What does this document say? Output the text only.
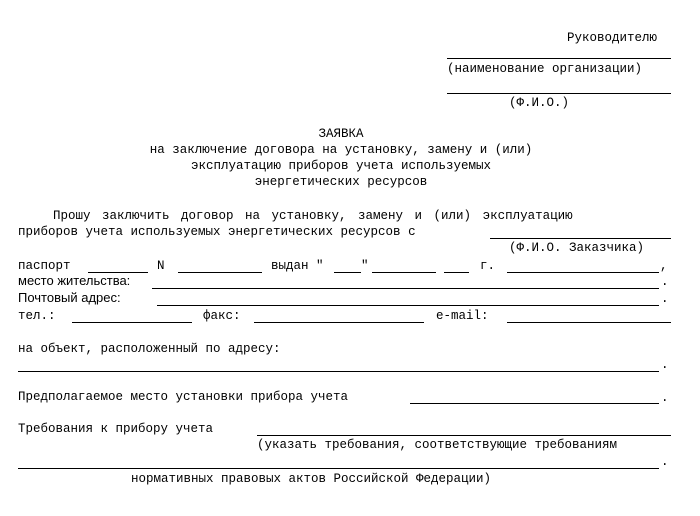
Руководителю
(наименование организации)
(Ф.И.О.)
ЗАЯВКА
на заключение договора на установку, замену и (или)
эксплуатацию приборов учета используемых
энергетических ресурсов
Прошу заключить договор на установку, замену и (или) эксплуатацию
приборов учета используемых энергетических ресурсов с
(Ф.И.О. Заказчика)
паспорт	N	выдан "	"	г.	,
место жительства:	.
Почтовый адрес:	.
тел.:	факс:	e-mail:
на объект, расположенный по адресу:
.
Предполагаемое место установки прибора учета	.
Требования к прибору учета
(указать требования, соответствующие требованиям
.
нормативных правовых актов Российской Федерации)
